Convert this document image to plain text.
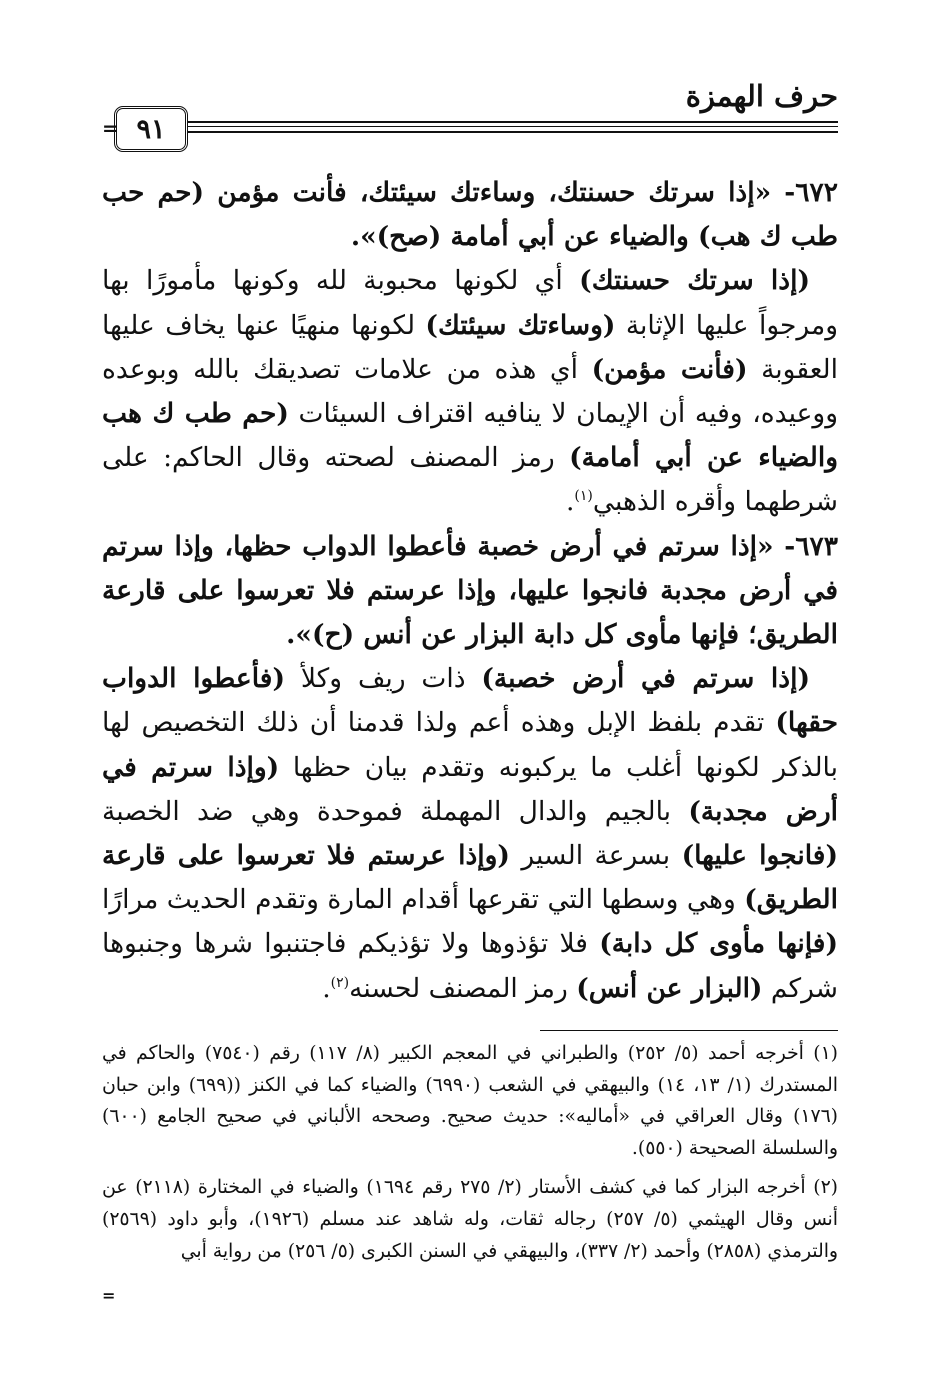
حرف الهمزة
٩١
=

٦٧٢- «إذا سرتك حسنتك، وساءتك سيئتك، فأنت مؤمن (حم حب طب ك هب) والضياء عن أبي أمامة (صح)».

(إذا سرتك حسنتك) أي لكونها محبوبة لله وكونها مأمورًا بها ومرجواً عليها الإثابة (وساءتك سيئتك) لكونها منهيًا عنها يخاف عليها العقوبة (فأنت مؤمن) أي هذه من علامات تصديقك بالله وبوعده ووعيده، وفيه أن الإيمان لا ينافيه اقتراف السيئات (حم طب ك هب والضياء عن أبي أمامة) رمز المصنف لصحته وقال الحاكم: على شرطهما وأقره الذهبي$^{(١)}$.

٦٧٣- «إذا سرتم في أرض خصبة فأعطوا الدواب حظها، وإذا سرتم في أرض مجدبة فانجوا عليها، وإذا عرستم فلا تعرسوا على قارعة الطريق؛ فإنها مأوى كل دابة البزار عن أنس (ح)».

(إذا سرتم في أرض خصبة) ذات ريف وكلأ (فأعطوا الدواب حقها) تقدم بلفظ الإبل وهذه أعم ولذا قدمنا أن ذلك التخصيص لها بالذكر لكونها أغلب ما يركبونه وتقدم بيان حظها (وإذا سرتم في أرض مجدبة) بالجيم والدال المهملة فموحدة وهي ضد الخصبة (فانجوا عليها) بسرعة السير (وإذا عرستم فلا تعرسوا على قارعة الطريق) وهي وسطها التي تقرعها أقدام المارة وتقدم الحديث مرارًا (فإنها مأوى كل دابة) فلا تؤذوها ولا تؤذيكم فاجتنبوا شرها وجنبوها شركم (البزار عن أنس) رمز المصنف لحسنه$^{(٢)}$.

(١) أخرجه أحمد (٥/ ٢٥٢) والطبراني في المعجم الكبير (٨/ ١١٧) رقم (٧٥٤٠) والحاكم في المستدرك (١/ ١٣، ١٤) والبيهقي في الشعب (٦٩٩٠) والضياء كما في الكنز ((٦٩٩) وابن حبان (١٧٦) وقال العراقي في «أماليه»: حديث صحيح. وصححه الألباني في صحيح الجامع (٦٠٠) والسلسلة الصحيحة (٥٥٠).

(٢) أخرجه البزار كما في كشف الأستار (٢/ ٢٧٥ رقم ١٦٩٤) والضياء في المختارة (٢١١٨) عن أنس وقال الهيثمي (٥/ ٢٥٧) رجاله ثقات، وله شاهد عند مسلم (١٩٢٦)، وأبو داود (٢٥٦٩) والترمذي (٢٨٥٨) وأحمد (٢/ ٣٣٧)، والبيهقي في السنن الكبرى (٥/ ٢٥٦) من رواية أبي

=
